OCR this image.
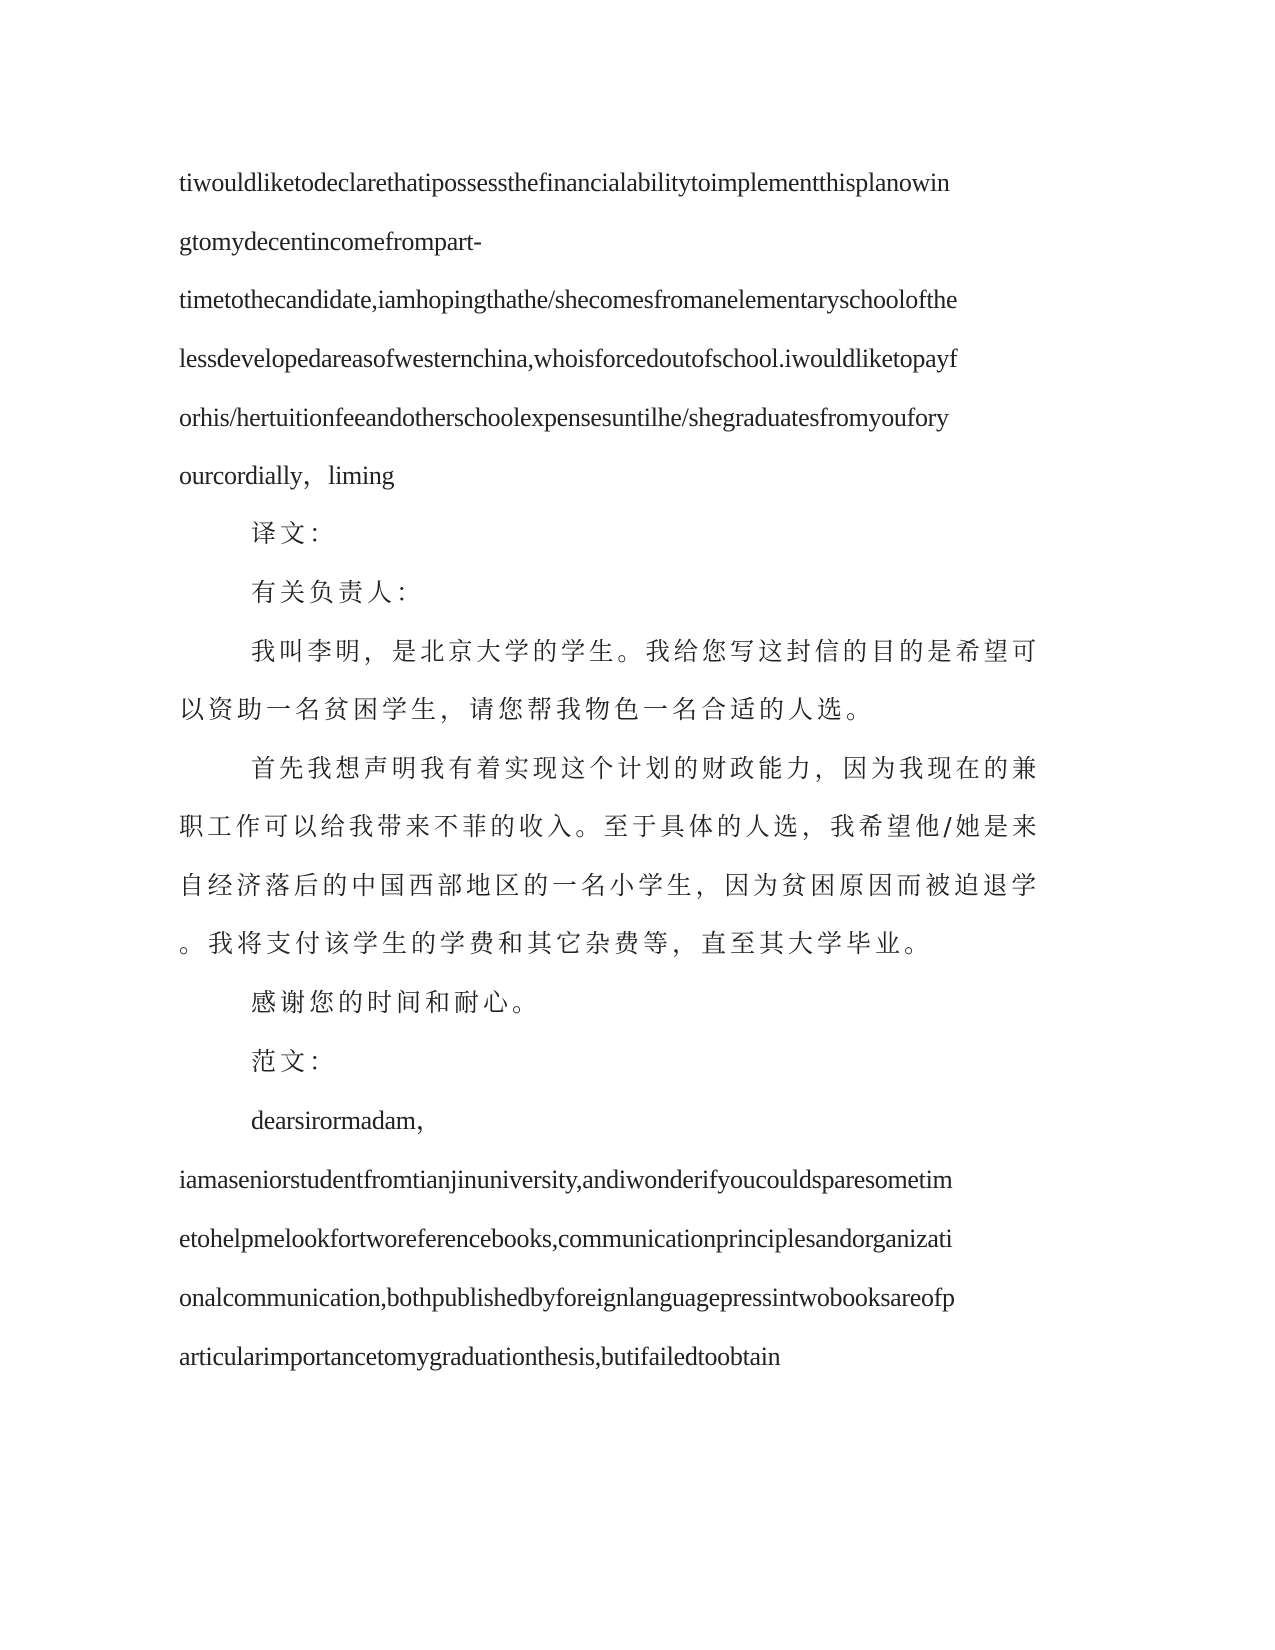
tiwouldliketodeclarethatipossessthefinancialabilitytoimplementthisplanowin
gtomydecentincomefrompart-
timetothecandidate,iamhopingthathe/shecomesfromanelementaryschoolofthe
lessdevelopedareasofwesternchina,whoisforcedoutofschool.iwouldliketopayf
orhis/hertuitionfeeandotherschoolexpensesuntilhe/shegraduatesfromyoufory
ourcordially，liming
译文：
有关负责人：
我叫李明，是北京大学的学生。我给您写这封信的目的是希望可
以资助一名贫困学生，请您帮我物色一名合适的人选。
首先我想声明我有着实现这个计划的财政能力，因为我现在的兼
职工作可以给我带来不菲的收入。至于具体的人选，我希望他/她是来
自经济落后的中国西部地区的一名小学生，因为贫困原因而被迫退学
。我将支付该学生的学费和其它杂费等，直至其大学毕业。
感谢您的时间和耐心。
范文：
dearsirormadam，
iamaseniorstudentfromtianjinuniversity,andiwonderifyoucouldsparesometim
etohelpmelookfortworeferencebooks,communicationprinciplesandorganizati
onalcommunication,bothpublishedbyforeignlanguagepressintwobooksareofp
articularimportancetomygraduationthesis,butifailedtoobtain
